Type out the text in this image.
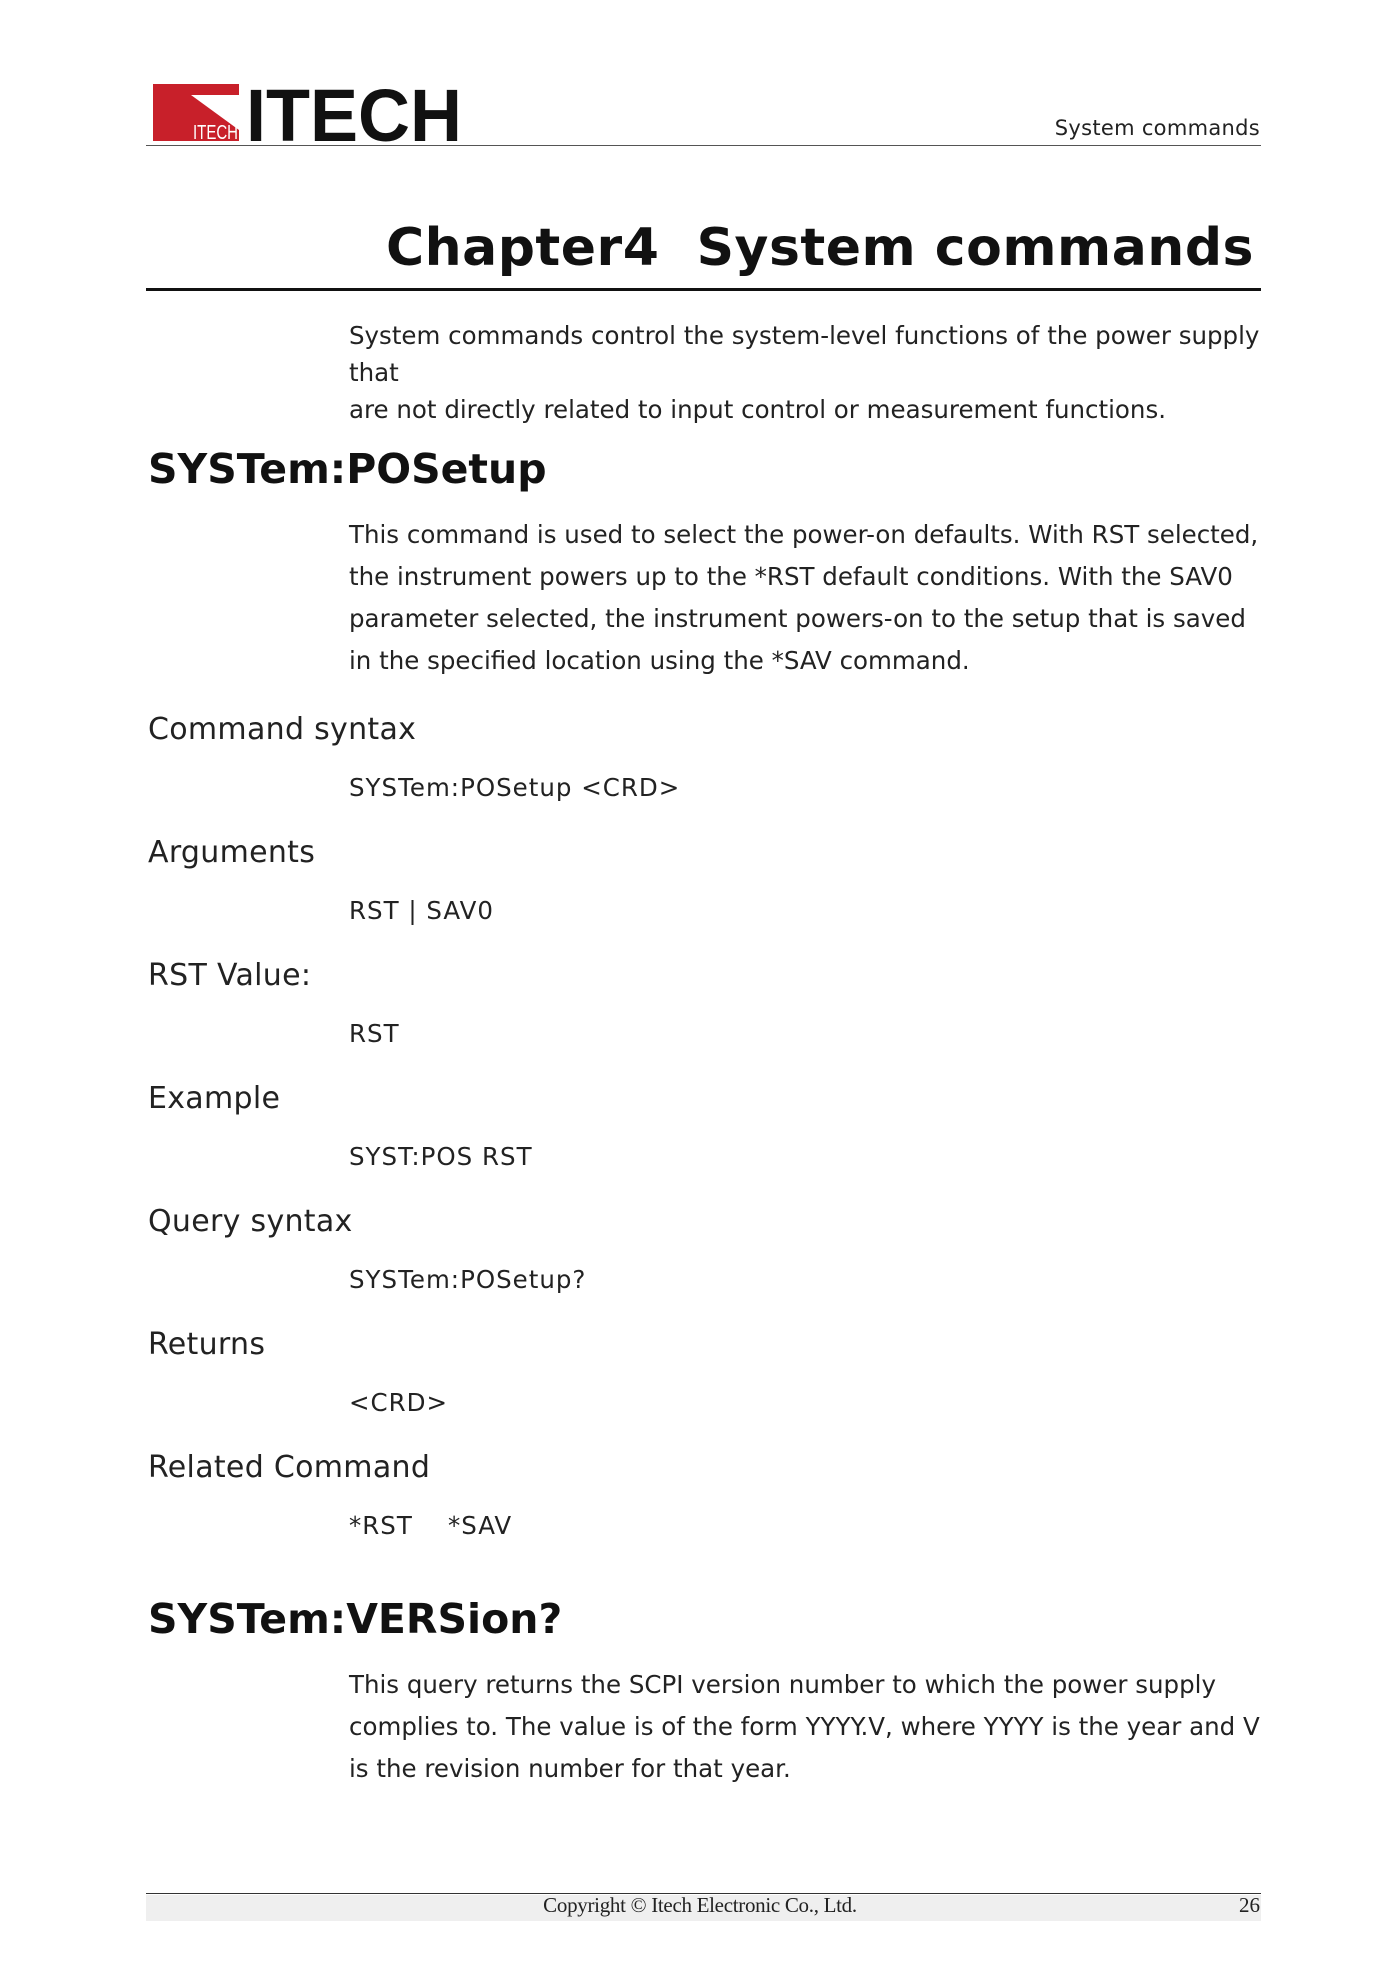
ITECH ITECH	System commands
Chapter4  System commands
System commands control the system-level functions of the power supply that
are not directly related to input control or measurement functions.
SYSTem:POSetup
This command is used to select the power-on defaults. With RST selected, the instrument powers up to the *RST default conditions. With the SAV0 parameter selected, the instrument powers-on to the setup that is saved in the specified location using the *SAV command.
Command syntax
SYSTem:POSetup <CRD>
Arguments
RST | SAV0
RST Value:
RST
Example
SYST:POS RST
Query syntax
SYSTem:POSetup?
Returns
<CRD>
Related Command
*RST    *SAV
SYSTem:VERSion?
This query returns the SCPI version number to which the power supply complies to. The value is of the form YYYY.V, where YYYY is the year and V is the revision number for that year.
Copyright © Itech Electronic Co., Ltd.	26
